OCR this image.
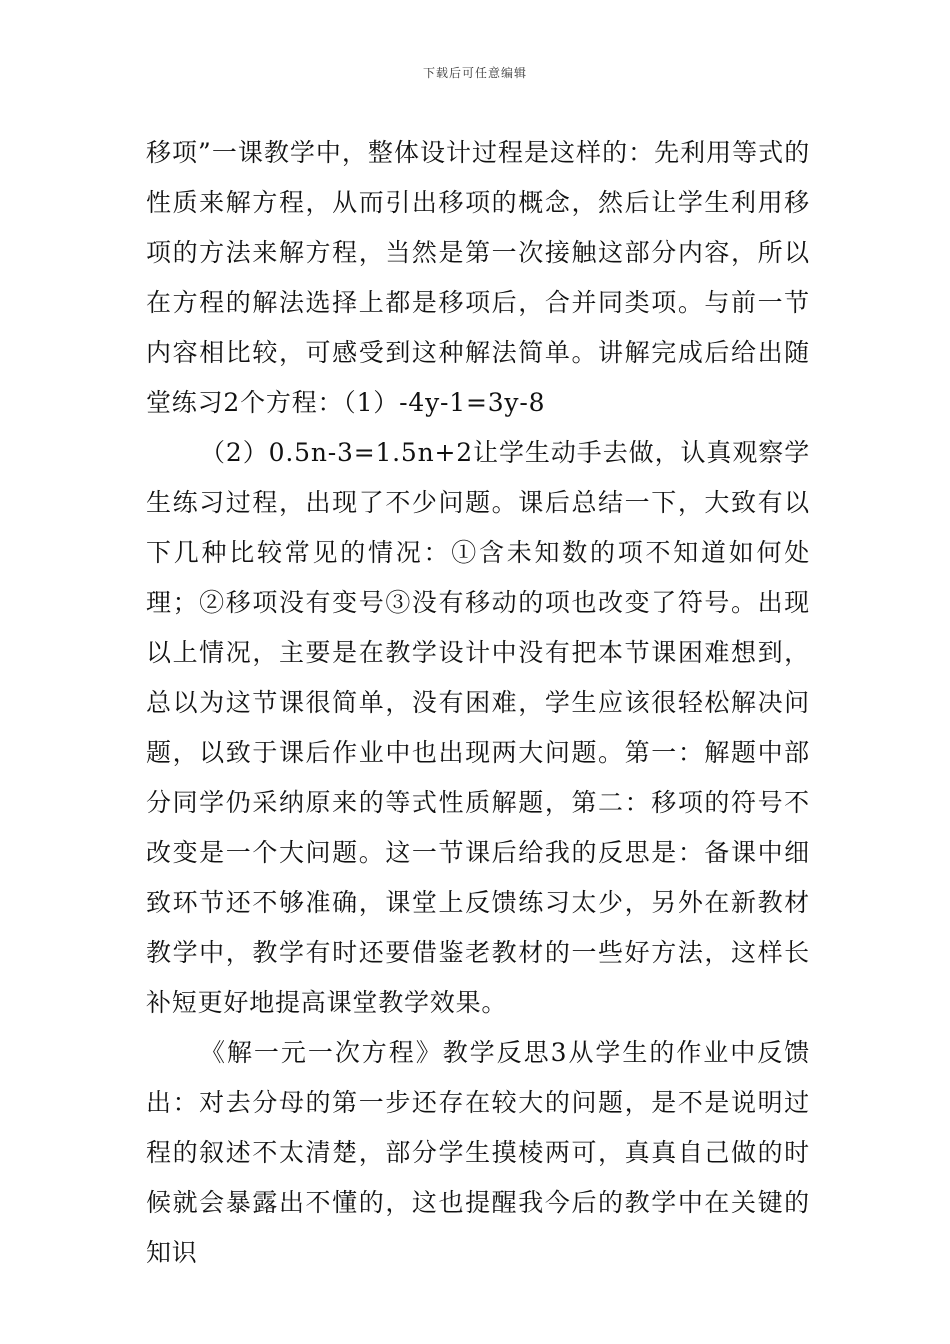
下载后可任意编辑

移项”一课教学中，整体设计过程是这样的：先利用等式的性质来解方程，从而引出移项的概念，然后让学生利用移项的方法来解方程，当然是第一次接触这部分内容，所以在方程的解法选择上都是移项后，合并同类项。与前一节内容相比较，可感受到这种解法简单。讲解完成后给出随堂练习2个方程：（1）-4y-1=3y-8

（2）0.5n-3=1.5n+2让学生动手去做，认真观察学生练习过程，出现了不少问题。课后总结一下，大致有以下几种比较常见的情况：①含未知数的项不知道如何处理；②移项没有变号③没有移动的项也改变了符号。出现以上情况，主要是在教学设计中没有把本节课困难想到，总以为这节课很简单，没有困难，学生应该很轻松解决问题，以致于课后作业中也出现两大问题。第一：解题中部分同学仍采纳原来的等式性质解题，第二：移项的符号不改变是一个大问题。这一节课后给我的反思是：备课中细致环节还不够准确，课堂上反馈练习太少，另外在新教材教学中，教学有时还要借鉴老教材的一些好方法，这样长补短更好地提高课堂教学效果。

《解一元一次方程》教学反思3从学生的作业中反馈出：对去分母的第一步还存在较大的问题，是不是说明过程的叙述不太清楚，部分学生摸棱两可，真真自己做的时候就会暴露出不懂的，这也提醒我今后的教学中在关键的知识
